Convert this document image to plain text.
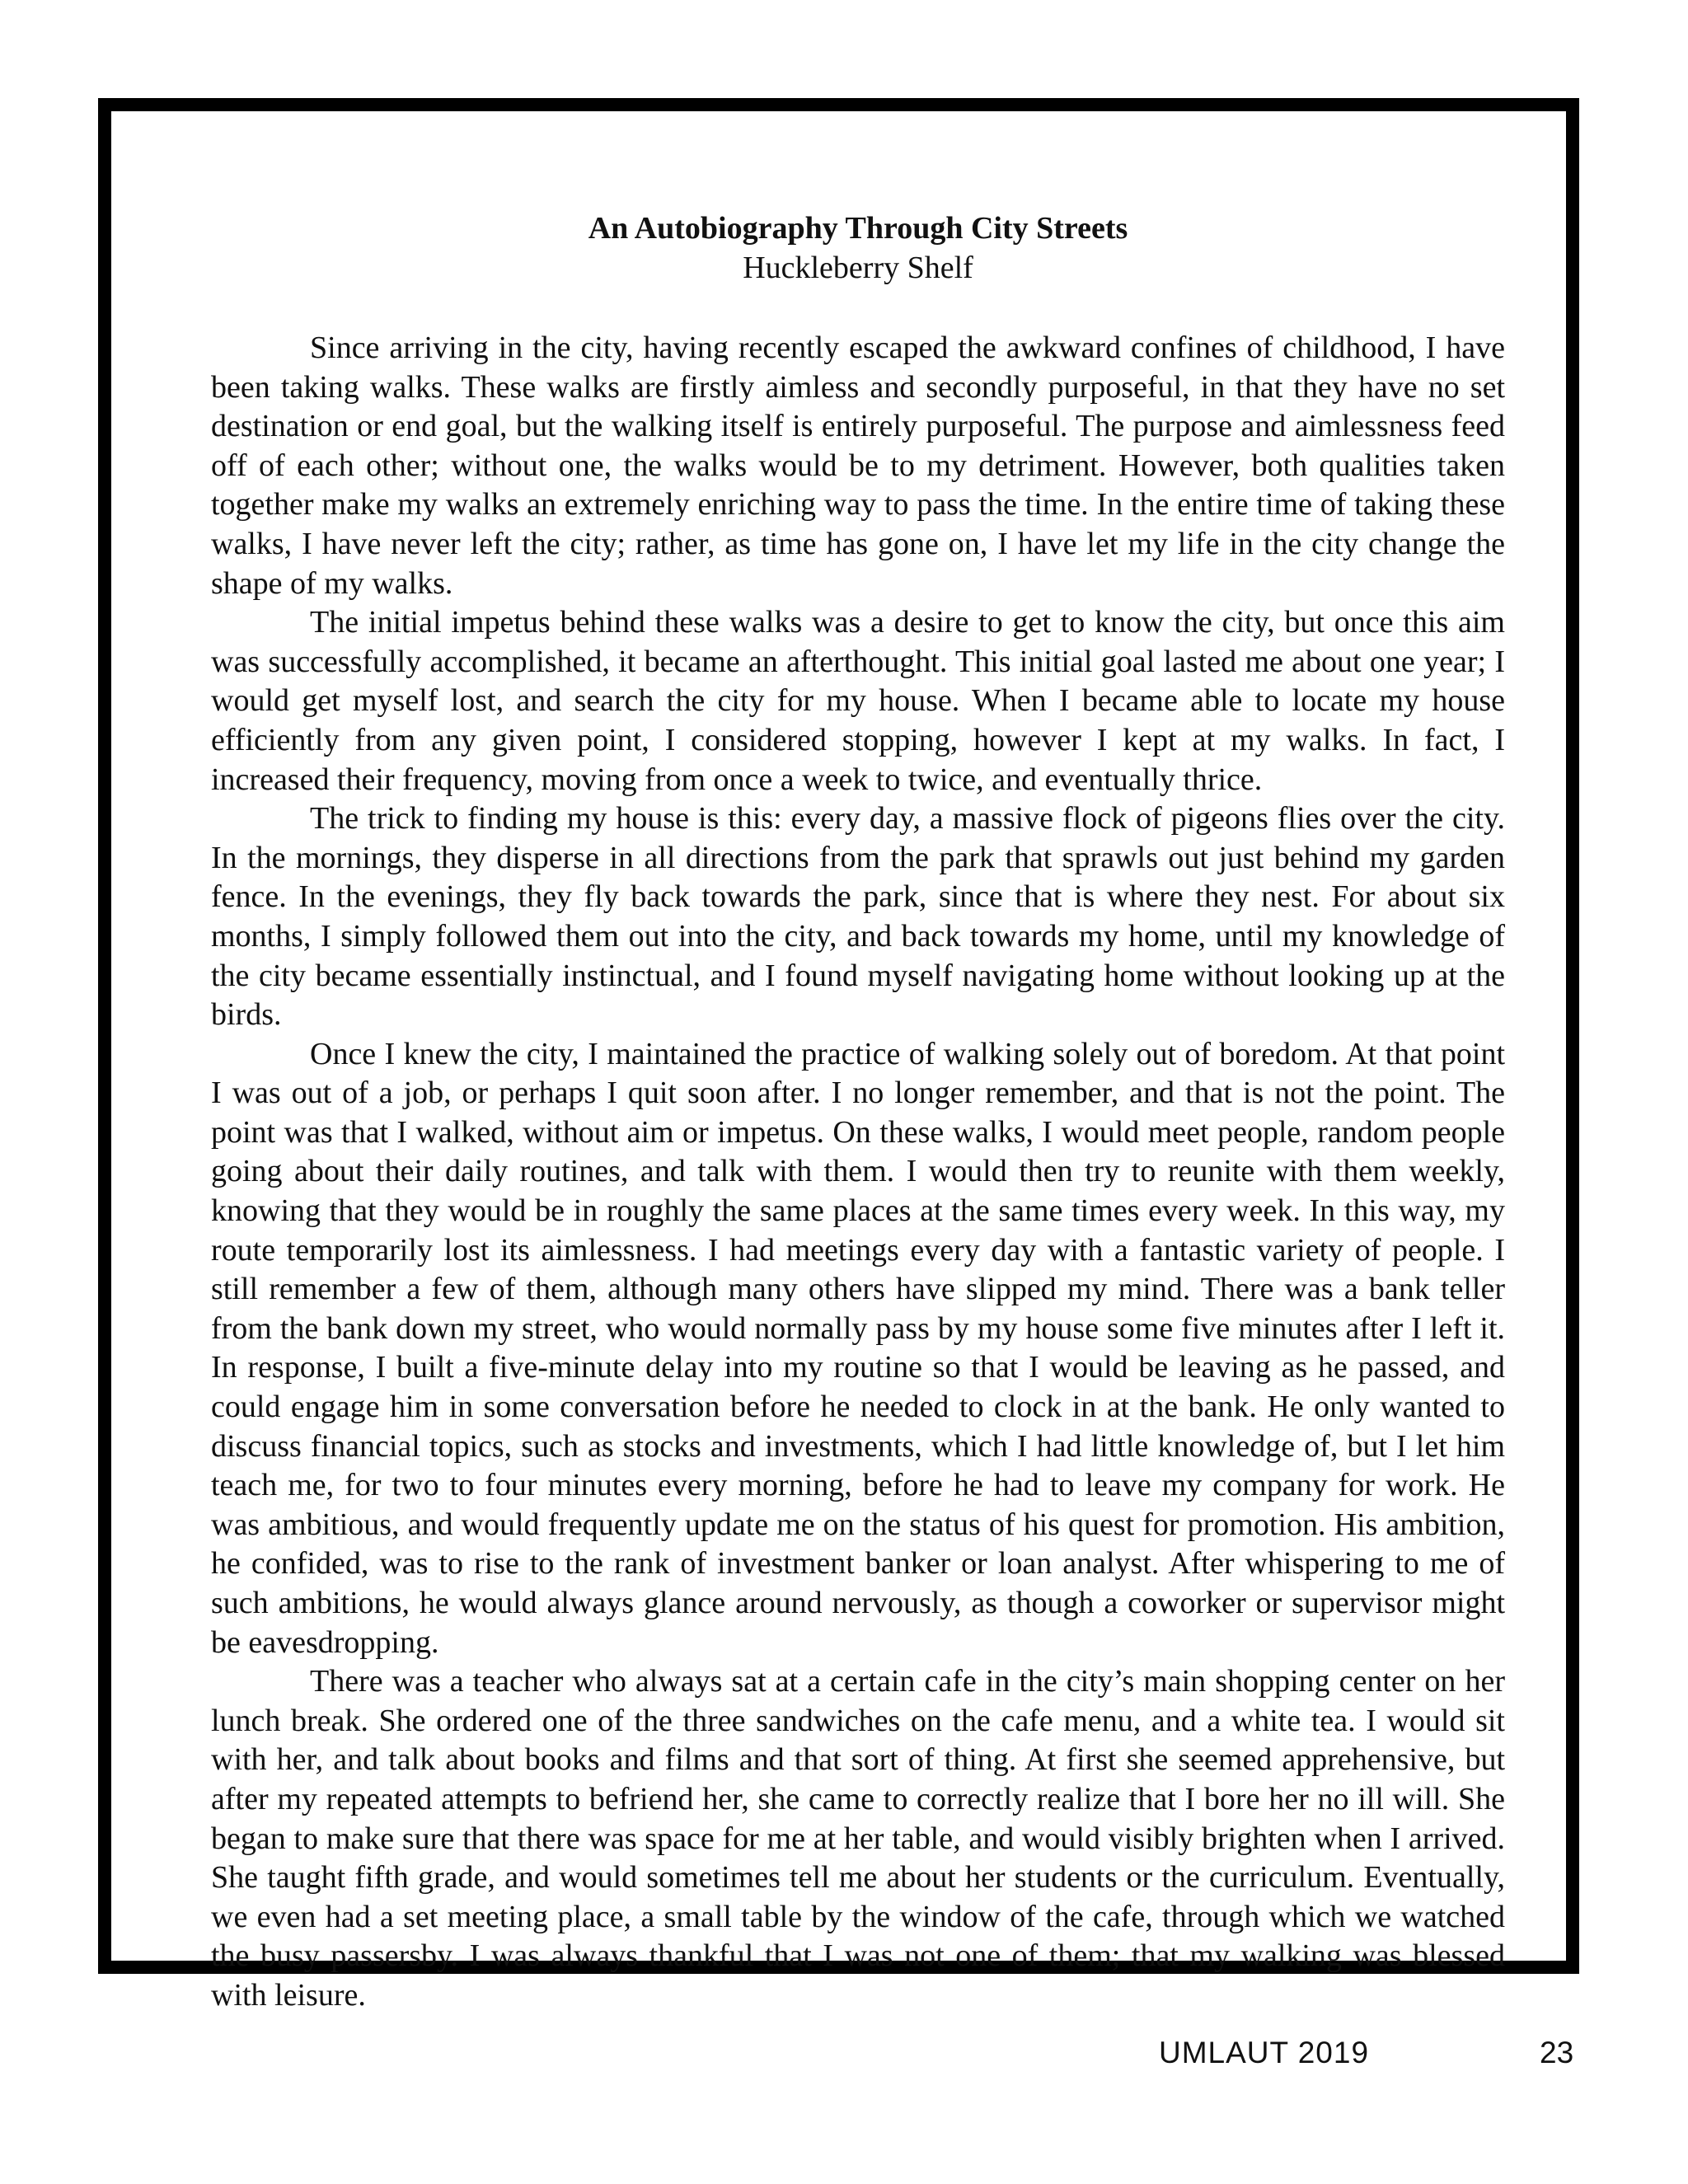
An Autobiography Through City Streets

Huckleberry Shelf

Since arriving in the city, having recently escaped the awkward confines of childhood, I have been taking walks. These walks are firstly aimless and secondly purposeful, in that they have no set destination or end goal, but the walking itself is entirely purposeful. The purpose and aimlessness feed off of each other; without one, the walks would be to my detriment. However, both qualities taken together make my walks an extremely enriching way to pass the time. In the entire time of taking these walks, I have never left the city; rather, as time has gone on, I have let my life in the city change the shape of my walks.

The initial impetus behind these walks was a desire to get to know the city, but once this aim was successfully accomplished, it became an afterthought. This initial goal lasted me about one year; I would get myself lost, and search the city for my house. When I became able to locate my house efficiently from any given point, I considered stopping, however I kept at my walks. In fact, I increased their frequency, moving from once a week to twice, and eventually thrice.

The trick to finding my house is this: every day, a massive flock of pigeons flies over the city. In the mornings, they disperse in all directions from the park that sprawls out just behind my garden fence. In the evenings, they fly back towards the park, since that is where they nest. For about six months, I simply followed them out into the city, and back towards my home, until my knowledge of the city became essentially instinctual, and I found myself navigating home without looking up at the birds.

Once I knew the city, I maintained the practice of walking solely out of boredom. At that point I was out of a job, or perhaps I quit soon after. I no longer remember, and that is not the point. The point was that I walked, without aim or impetus. On these walks, I would meet people, random people going about their daily routines, and talk with them. I would then try to reunite with them weekly, knowing that they would be in roughly the same places at the same times every week. In this way, my route temporarily lost its aimlessness. I had meetings every day with a fantastic variety of people. I still remember a few of them, although many others have slipped my mind. There was a bank teller from the bank down my street, who would normally pass by my house some five minutes after I left it. In response, I built a five-minute delay into my routine so that I would be leaving as he passed, and could engage him in some conversation before he needed to clock in at the bank. He only wanted to discuss financial topics, such as stocks and investments, which I had little knowledge of, but I let him teach me, for two to four minutes every morning, before he had to leave my company for work. He was ambitious, and would frequently update me on the status of his quest for promotion. His ambition, he confided, was to rise to the rank of investment banker or loan analyst. After whispering to me of such ambitions, he would always glance around nervously, as though a coworker or supervisor might be eavesdropping.

There was a teacher who always sat at a certain cafe in the city’s main shopping center on her lunch break. She ordered one of the three sandwiches on the cafe menu, and a white tea. I would sit with her, and talk about books and films and that sort of thing. At first she seemed apprehensive, but after my repeated attempts to befriend her, she came to correctly realize that I bore her no ill will. She began to make sure that there was space for me at her table, and would visibly brighten when I arrived. She taught fifth grade, and would sometimes tell me about her students or the curriculum. Eventually, we even had a set meeting place, a small table by the window of the cafe, through which we watched the busy passersby. I was always thankful that I was not one of them; that my walking was blessed with leisure.

UMLAUT 2019	23
